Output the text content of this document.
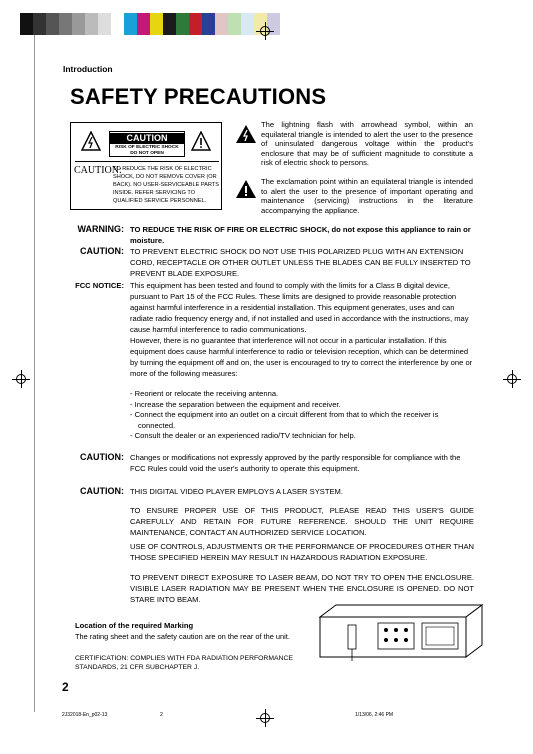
Introduction
SAFETY PRECAUTIONS
CAUTION
RISK OF ELECTRIC SHOCK
DO NOT OPEN
CAUTION:
TO REDUCE THE RISK OF ELECTRIC SHOCK, DO NOT REMOVE COVER (OR BACK). NO USER-SERVICEABLE PARTS INSIDE. REFER SERVICING TO QUALIFIED SERVICE PERSONNEL.
The lightning flash with arrowhead symbol, within an equilateral triangle is intended to alert the user to the presence of uninsulated dangerous voltage within the product's enclosure that may be of sufficient magnitude to constitute a risk of electric shock to persons.
The exclamation point within an equilateral triangle is intended to alert the user to the presence of important operating and maintenance (servicing) instructions in the literature accompanying the appliance.
WARNING: TO REDUCE THE RISK OF FIRE OR ELECTRIC SHOCK, do not expose this appliance to rain or moisture.
CAUTION: TO PREVENT ELECTRIC SHOCK DO NOT USE THIS POLARIZED PLUG WITH AN EXTENSION CORD, RECEPTACLE OR OTHER OUTLET UNLESS THE BLADES CAN BE FULLY INSERTED TO PREVENT BLADE EXPOSURE.
FCC NOTICE: This equipment has been tested and found to comply with the limits for a Class B digital device, pursuant to Part 15 of the FCC Rules. These limits are designed to provide reasonable protection against harmful interference in a residential installation. This equipment generates, uses and can radiate radio frequency energy and, if not installed and used in accordance with the instructions, may cause harmful interference to radio communications.
However, there is no guarantee that interference will not occur in a particular installation. If this equipment does cause harmful interference to radio or television reception, which can be determined by turning the equipment off and on, the user is encouraged to try to correct the interference by one or more of the following measures:
- Reorient or relocate the receiving antenna.
- Increase the separation between the equipment and receiver.
- Connect the equipment into an outlet on a circuit different from that to which the receiver is connected.
- Consult the dealer or an experienced radio/TV technician for help.
CAUTION: Changes or modifications not expressly approved by the partly responsible for compliance with the FCC Rules could void the user's authority to operate this equipment.
CAUTION: THIS DIGITAL VIDEO PLAYER EMPLOYS A LASER SYSTEM.
TO ENSURE PROPER USE OF THIS PRODUCT, PLEASE READ THIS USER'S GUIDE CAREFULLY AND RETAIN FOR FUTURE REFERENCE. SHOULD THE UNIT REQUIRE MAINTENANCE, CONTACT AN AUTHORIZED SERVICE LOCATION.
USE OF CONTROLS, ADJUSTMENTS OR THE PERFORMANCE OF PROCEDURES OTHER THAN THOSE SPECIFIED HEREIN MAY RESULT IN HAZARDOUS RADIATION EXPOSURE.
TO PREVENT DIRECT EXPOSURE TO LASER BEAM, DO NOT TRY TO OPEN THE ENCLOSURE. VISIBLE LASER RADIATION MAY BE PRESENT WHEN THE ENCLOSURE IS OPENED. DO NOT STARE INTO BEAM.
Location of the required Marking
The rating sheet and the safety caution are on the rear of the unit.
CERTIFICATION: COMPLIES WITH FDA RADIATION PERFORMANCE STANDARDS, 21 CFR SUBCHAPTER J.
2
2J32018-En_p02-13	2	1/13/06, 2:46 PM
